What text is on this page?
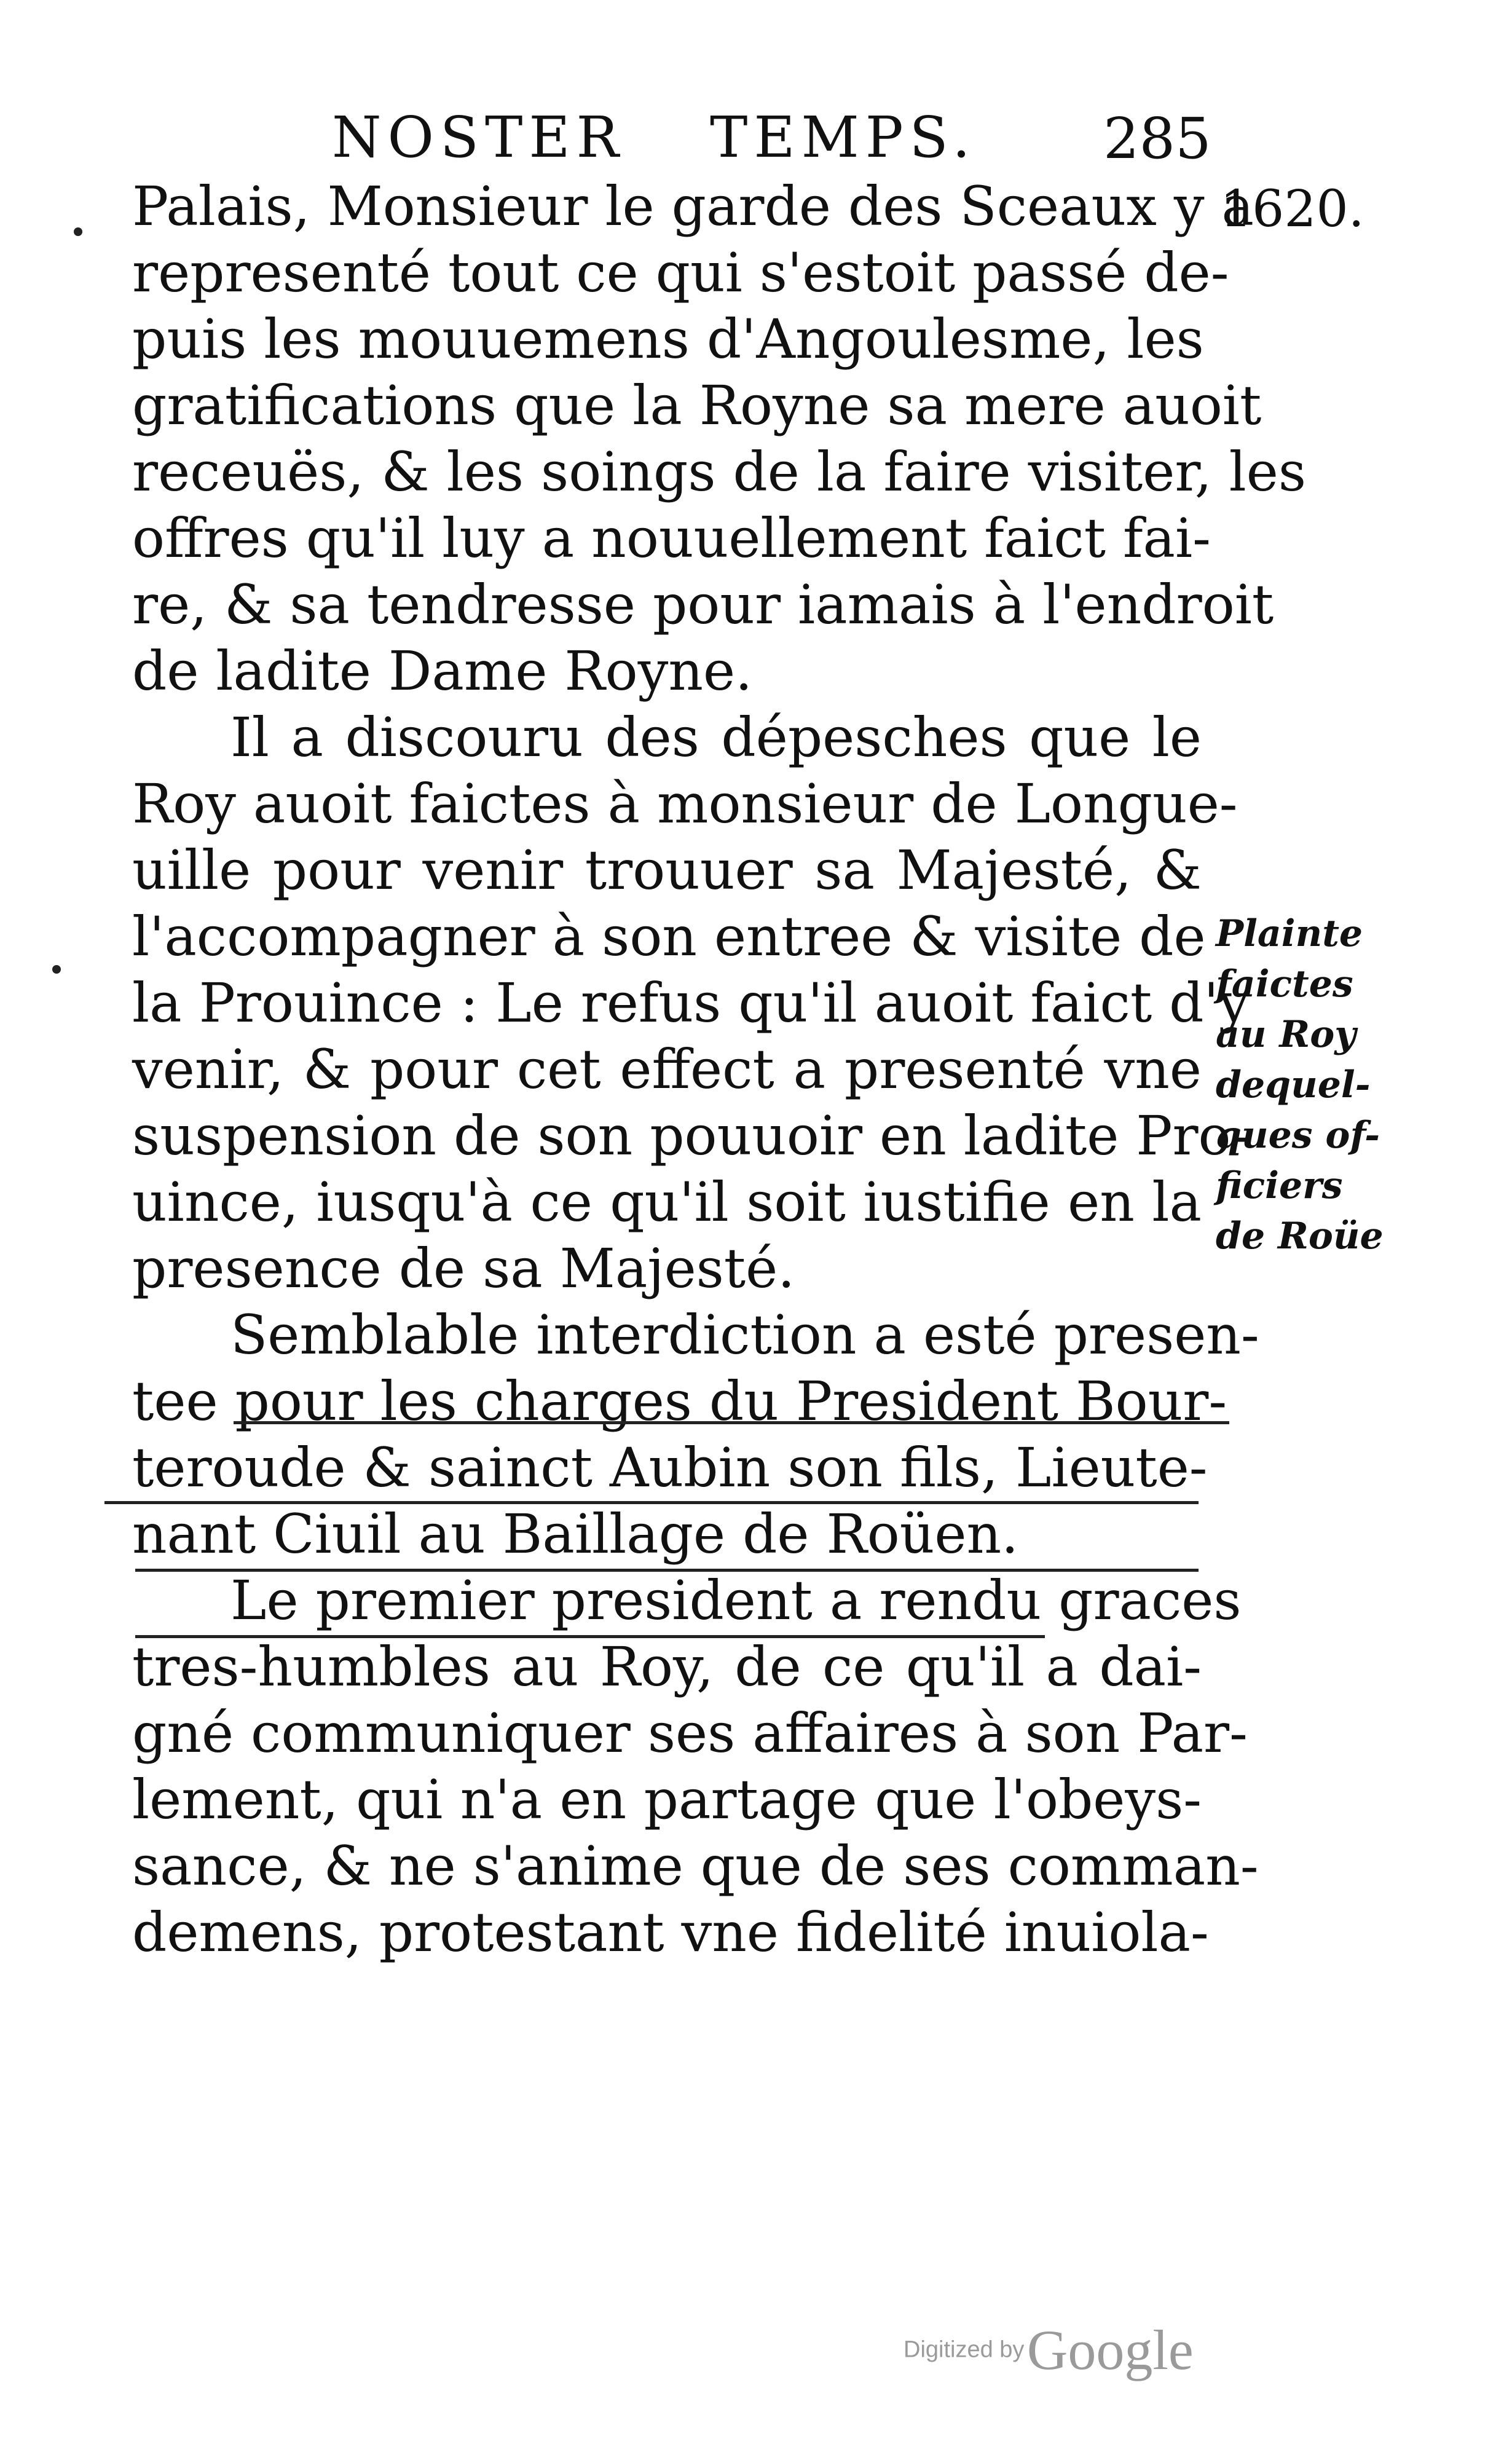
NOSTER TEMPS. 285
1620.
Palais, Monsieur le garde des Sceaux y a
representé tout ce qui s'estoit passé de-
puis les mouuemens d'Angoulesme, les
gratifications que la Royne sa mere auoit
receuës, & les soings de la faire visiter, les
offres qu'il luy a nouuellement faict fai-
re, & sa tendresse pour iamais à l'endroit
de ladite Dame Royne.
Il a discouru des dépesches que le
Roy auoit faictes à monsieur de Longue-
uille pour venir trouuer sa Majesté, &
l'accompagner à son entree & visite de
la Prouince : Le refus qu'il auoit faict d'y
venir, & pour cet effect a presenté vne
suspension de son pouuoir en ladite Pro-
uince, iusqu'à ce qu'il soit iustifie en la
presence de sa Majesté.
Semblable interdiction a esté presen-
tee pour les charges du President Bour-
teroude & sainct Aubin son fils, Lieute-
nant Ciuil au Baillage de Roüen.
Le premier president a rendu graces
tres-humbles au Roy, de ce qu'il a dai-
gné communiquer ses affaires à son Par-
lement, qui n'a en partage que l'obeys-
sance, & ne s'anime que de ses comman-
demens, protestant vne fidelité inuiola-
Plainte
faictes
au Roy
dequel-
ques of-
ficiers
de Roüe
Digitized by Google
